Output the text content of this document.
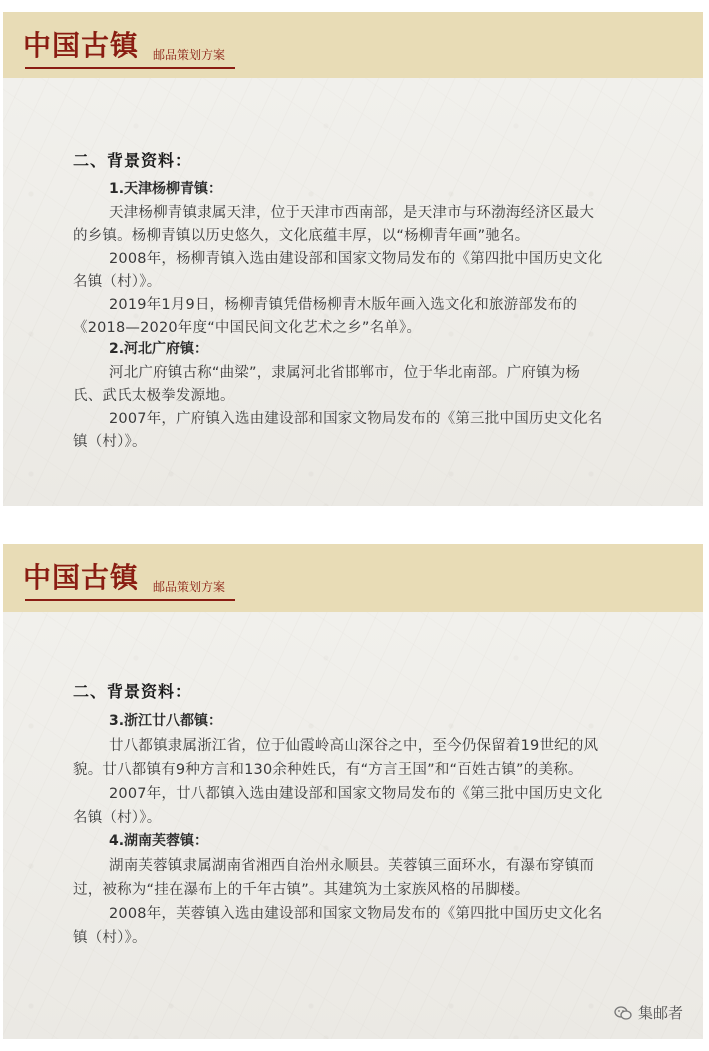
中国古镇 邮品策划方案
二、背景资料：
1.天津杨柳青镇：
天津杨柳青镇隶属天津，位于天津市西南部，是天津市与环渤海经济区最大
的乡镇。杨柳青镇以历史悠久，文化底蕴丰厚，以“杨柳青年画”驰名。
2008年，杨柳青镇入选由建设部和国家文物局发布的《第四批中国历史文化
名镇（村）》。
2019年1月9日，杨柳青镇凭借杨柳青木版年画入选文化和旅游部发布的
《2018—2020年度“中国民间文化艺术之乡”名单》。
2.河北广府镇：
河北广府镇古称“曲梁”，隶属河北省邯郸市，位于华北南部。广府镇为杨
氏、武氏太极拳发源地。
2007年，广府镇入选由建设部和国家文物局发布的《第三批中国历史文化名
镇（村）》。
中国古镇 邮品策划方案
二、背景资料：
3.浙江廿八都镇：
廿八都镇隶属浙江省，位于仙霞岭高山深谷之中，至今仍保留着19世纪的风
貌。廿八都镇有9种方言和130余种姓氏，有“方言王国”和“百姓古镇”的美称。
2007年，廿八都镇入选由建设部和国家文物局发布的《第三批中国历史文化
名镇（村）》。
4.湖南芙蓉镇：
湖南芙蓉镇隶属湖南省湘西自治州永顺县。芙蓉镇三面环水，有瀑布穿镇而
过，被称为“挂在瀑布上的千年古镇”。其建筑为土家族风格的吊脚楼。
2008年，芙蓉镇入选由建设部和国家文物局发布的《第四批中国历史文化名
镇（村）》。
集邮者
